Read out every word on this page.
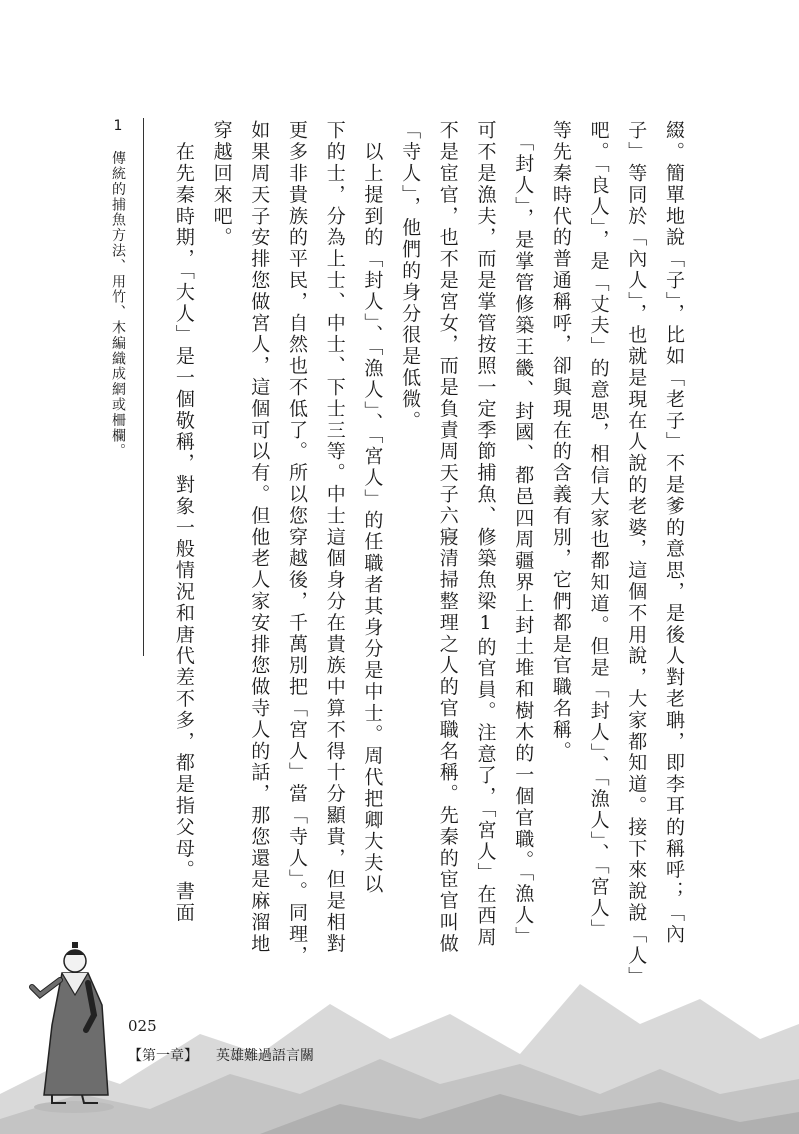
綴。簡單地說「子」，比如「老子」不是爹的意思，是後人對老聃，即李耳的稱呼；「內
子」等同於「內人」，也就是現在人說的老婆，這個不用說，大家都知道。接下來說說「人」
吧。「良人」，是「丈夫」的意思，相信大家也都知道。但是「封人」、「漁人」、「宮人」
等先秦時代的普通稱呼，卻與現在的含義有別，它們都是官職名稱。
　「封人」，是掌管修築王畿、封國、都邑四周疆界上封土堆和樹木的一個官職。「漁人」
可不是漁夫，而是掌管按照一定季節捕魚、修築魚梁1的官員。注意了，「宮人」在西周
不是宦官，也不是宮女，而是負責周天子六寢清掃整理之人的官職名稱。先秦的宦官叫做
「寺人」，他們的身分很是低微。
　以上提到的「封人」、「漁人」、「宮人」的任職者其身分是中士。周代把卿大夫以
下的士，分為上士、中士、下士三等。中士這個身分在貴族中算不得十分顯貴，但是相對
更多非貴族的平民，自然也不低了。所以您穿越後，千萬別把「宮人」當「寺人」。同理，
如果周天子安排您做宮人，這個可以有。但他老人家安排您做寺人的話，那您還是麻溜地
穿越回來吧。
　在先秦時期，「大人」是一個敬稱，對象一般情況和唐代差不多，都是指父母。書面
1　傳統的捕魚方法、用竹、木編織成網或柵欄。
025
【第一章】 英雄難過語言關
